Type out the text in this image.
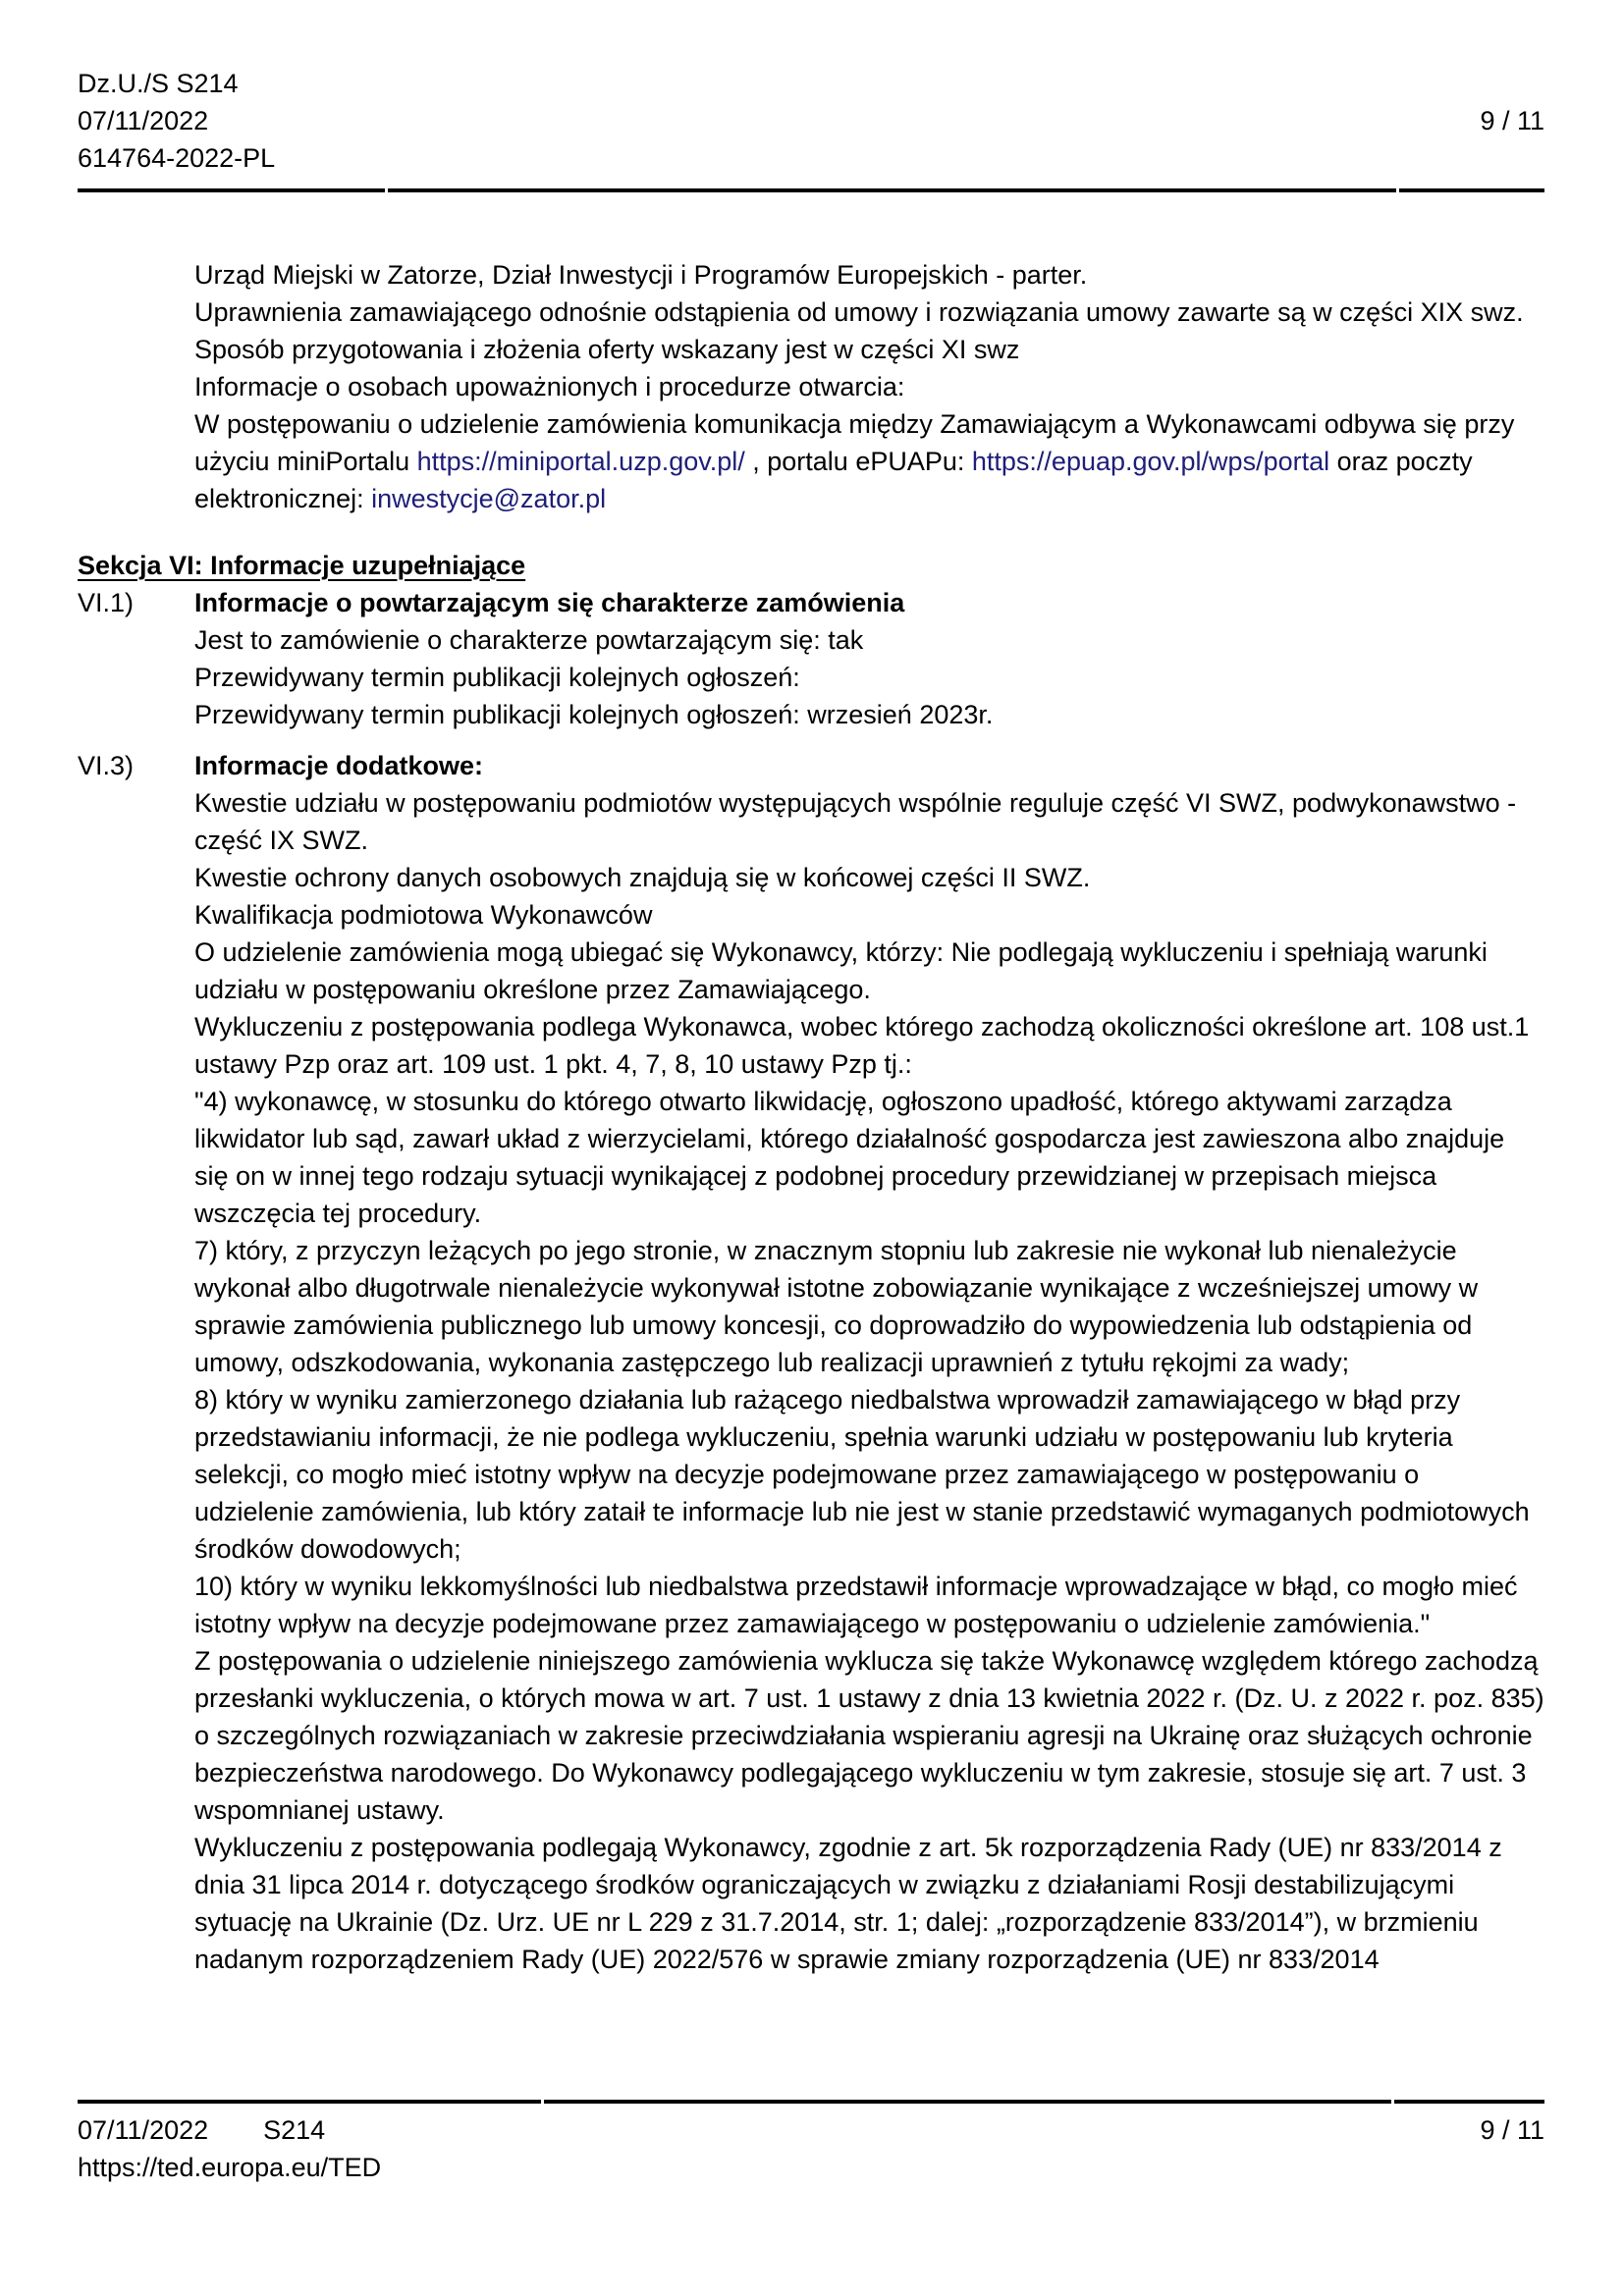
Dz.U./S S214
07/11/2022
614764-2022-PL
9 / 11

Urząd Miejski w Zatorze, Dział Inwestycji i Programów Europejskich - parter.

Uprawnienia zamawiającego odnośnie odstąpienia od umowy i rozwiązania umowy zawarte są w części XIX swz.

Sposób przygotowania i złożenia oferty wskazany jest w części XI swz

Informacje o osobach upoważnionych i procedurze otwarcia:

W postępowaniu o udzielenie zamówienia komunikacja między Zamawiającym a Wykonawcami odbywa się przy użyciu miniPortalu https://miniportal.uzp.gov.pl/ , portalu ePUAPu: https://epuap.gov.pl/wps/portal oraz poczty elektronicznej: inwestycje@zator.pl

Sekcja VI: Informacje uzupełniające
VI.1)	Informacje o powtarzającym się charakterze zamówienia

Jest to zamówienie o charakterze powtarzającym się: tak

Przewidywany termin publikacji kolejnych ogłoszeń:

Przewidywany termin publikacji kolejnych ogłoszeń: wrzesień 2023r.

VI.3)	Informacje dodatkowe:

Kwestie udziału w postępowaniu podmiotów występujących wspólnie reguluje część VI SWZ, podwykonawstwo - część IX SWZ.

Kwestie ochrony danych osobowych znajdują się w końcowej części II SWZ.

Kwalifikacja podmiotowa Wykonawców

O udzielenie zamówienia mogą ubiegać się Wykonawcy, którzy: Nie podlegają wykluczeniu i spełniają warunki udziału w postępowaniu określone przez Zamawiającego.

Wykluczeniu z postępowania podlega Wykonawca, wobec którego zachodzą okoliczności określone art. 108 ust.1 ustawy Pzp oraz art. 109 ust. 1 pkt. 4, 7, 8, 10 ustawy Pzp tj.:

"4) wykonawcę, w stosunku do którego otwarto likwidację, ogłoszono upadłość, którego aktywami zarządza likwidator lub sąd, zawarł układ z wierzycielami, którego działalność gospodarcza jest zawieszona albo znajduje się on w innej tego rodzaju sytuacji wynikającej z podobnej procedury przewidzianej w przepisach miejsca wszczęcia tej procedury.

7) który, z przyczyn leżących po jego stronie, w znacznym stopniu lub zakresie nie wykonał lub nienależycie wykonał albo długotrwale nienależycie wykonywał istotne zobowiązanie wynikające z wcześniejszej umowy w sprawie zamówienia publicznego lub umowy koncesji, co doprowadziło do wypowiedzenia lub odstąpienia od umowy, odszkodowania, wykonania zastępczego lub realizacji uprawnień z tytułu rękojmi za wady;

8) który w wyniku zamierzonego działania lub rażącego niedbalstwa wprowadził zamawiającego w błąd przy przedstawianiu informacji, że nie podlega wykluczeniu, spełnia warunki udziału w postępowaniu lub kryteria selekcji, co mogło mieć istotny wpływ na decyzje podejmowane przez zamawiającego w postępowaniu o udzielenie zamówienia, lub który zataił te informacje lub nie jest w stanie przedstawić wymaganych podmiotowych środków dowodowych;

10) który w wyniku lekkomyślności lub niedbalstwa przedstawił informacje wprowadzające w błąd, co mogło mieć istotny wpływ na decyzje podejmowane przez zamawiającego w postępowaniu o udzielenie zamówienia."

Z postępowania o udzielenie niniejszego zamówienia wyklucza się także Wykonawcę względem którego zachodzą przesłanki wykluczenia, o których mowa w art. 7 ust. 1 ustawy z dnia 13 kwietnia 2022 r. (Dz. U. z 2022 r. poz. 835) o szczególnych rozwiązaniach w zakresie przeciwdziałania wspieraniu agresji na Ukrainę oraz służących ochronie bezpieczeństwa narodowego. Do Wykonawcy podlegającego wykluczeniu w tym zakresie, stosuje się art. 7 ust. 3 wspomnianej ustawy.

Wykluczeniu z postępowania podlegają Wykonawcy, zgodnie z art. 5k rozporządzenia Rady (UE) nr 833/2014 z dnia 31 lipca 2014 r. dotyczącego środków ograniczających w związku z działaniami Rosji destabilizującymi sytuację na Ukrainie (Dz. Urz. UE nr L 229 z 31.7.2014, str. 1; dalej: „rozporządzenie 833/2014”), w brzmieniu nadanym rozporządzeniem Rady (UE) 2022/576 w sprawie zmiany rozporządzenia (UE) nr 833/2014

07/11/2022 S214	9 / 11
https://ted.europa.eu/TED
